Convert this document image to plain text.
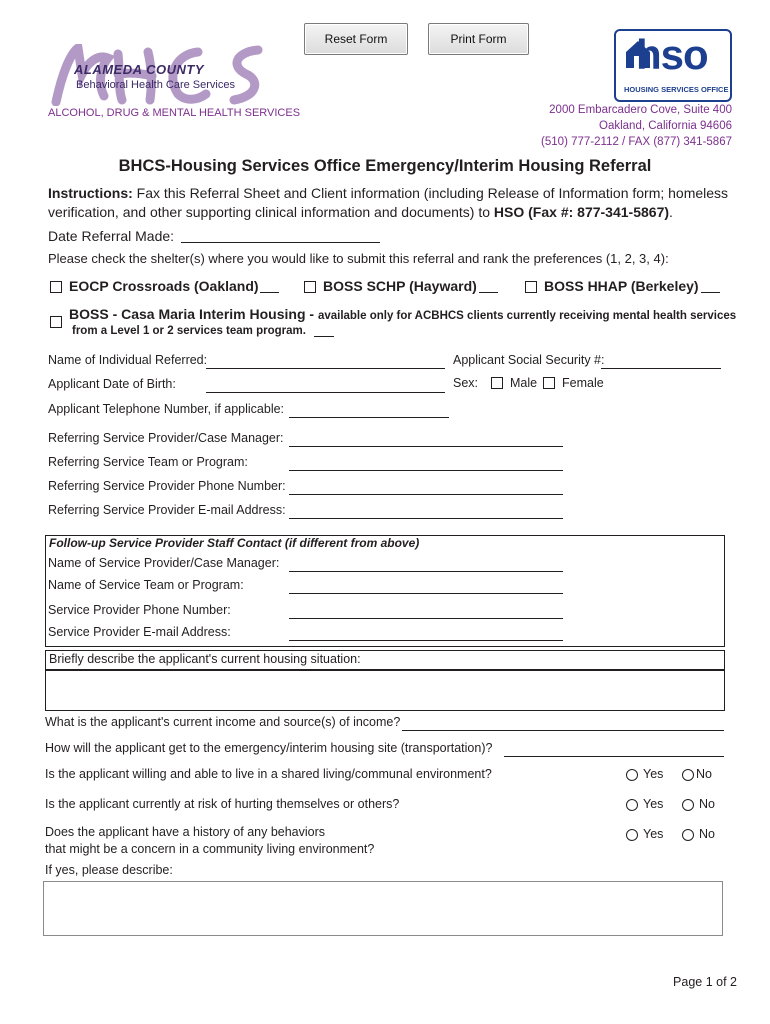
Reset Form	Print Form
ALAMEDA COUNTY
Behavioral Health Care Services
ALCOHOL, DRUG & MENTAL HEALTH SERVICES
hso
HOUSING SERVICES OFFICE
2000 Embarcadero Cove, Suite 400
Oakland, California 94606
(510) 777-2112 / FAX (877) 341-5867
BHCS-Housing Services Office Emergency/Interim Housing Referral
Instructions: Fax this Referral Sheet and Client information (including Release of Information form; homeless
verification, and other supporting clinical information and documents) to HSO (Fax #: 877-341-5867).
Date Referral Made:
Please check the shelter(s) where you would like to submit this referral and rank the preferences (1, 2, 3, 4):
EOCP Crossroads (Oakland)	BOSS SCHP (Hayward)	BOSS HHAP (Berkeley)
BOSS - Casa Maria Interim Housing - available only for ACBHCS clients currently receiving mental health services
from a Level 1 or 2 services team program.
Name of Individual Referred:	Applicant Social Security #:
Applicant Date of Birth:	Sex:	Male Female
Applicant Telephone Number, if applicable:
Referring Service Provider/Case Manager:
Referring Service Team or Program:
Referring Service Provider Phone Number:
Referring Service Provider E-mail Address:
Follow-up Service Provider Staff Contact (if different from above)
Name of Service Provider/Case Manager:
Name of Service Team or Program:
Service Provider Phone Number:
Service Provider E-mail Address:
Briefly describe the applicant's current housing situation:
What is the applicant's current income and source(s) of income?
How will the applicant get to the emergency/interim housing site (transportation)?
Is the applicant willing and able to live in a shared living/communal environment?	Yes	No
Is the applicant currently at risk of hurting themselves or others?	Yes	No
Does the applicant have a history of any behaviors
that might be a concern in a community living environment?
Yes	No
If yes, please describe:
Page 1 of 2
